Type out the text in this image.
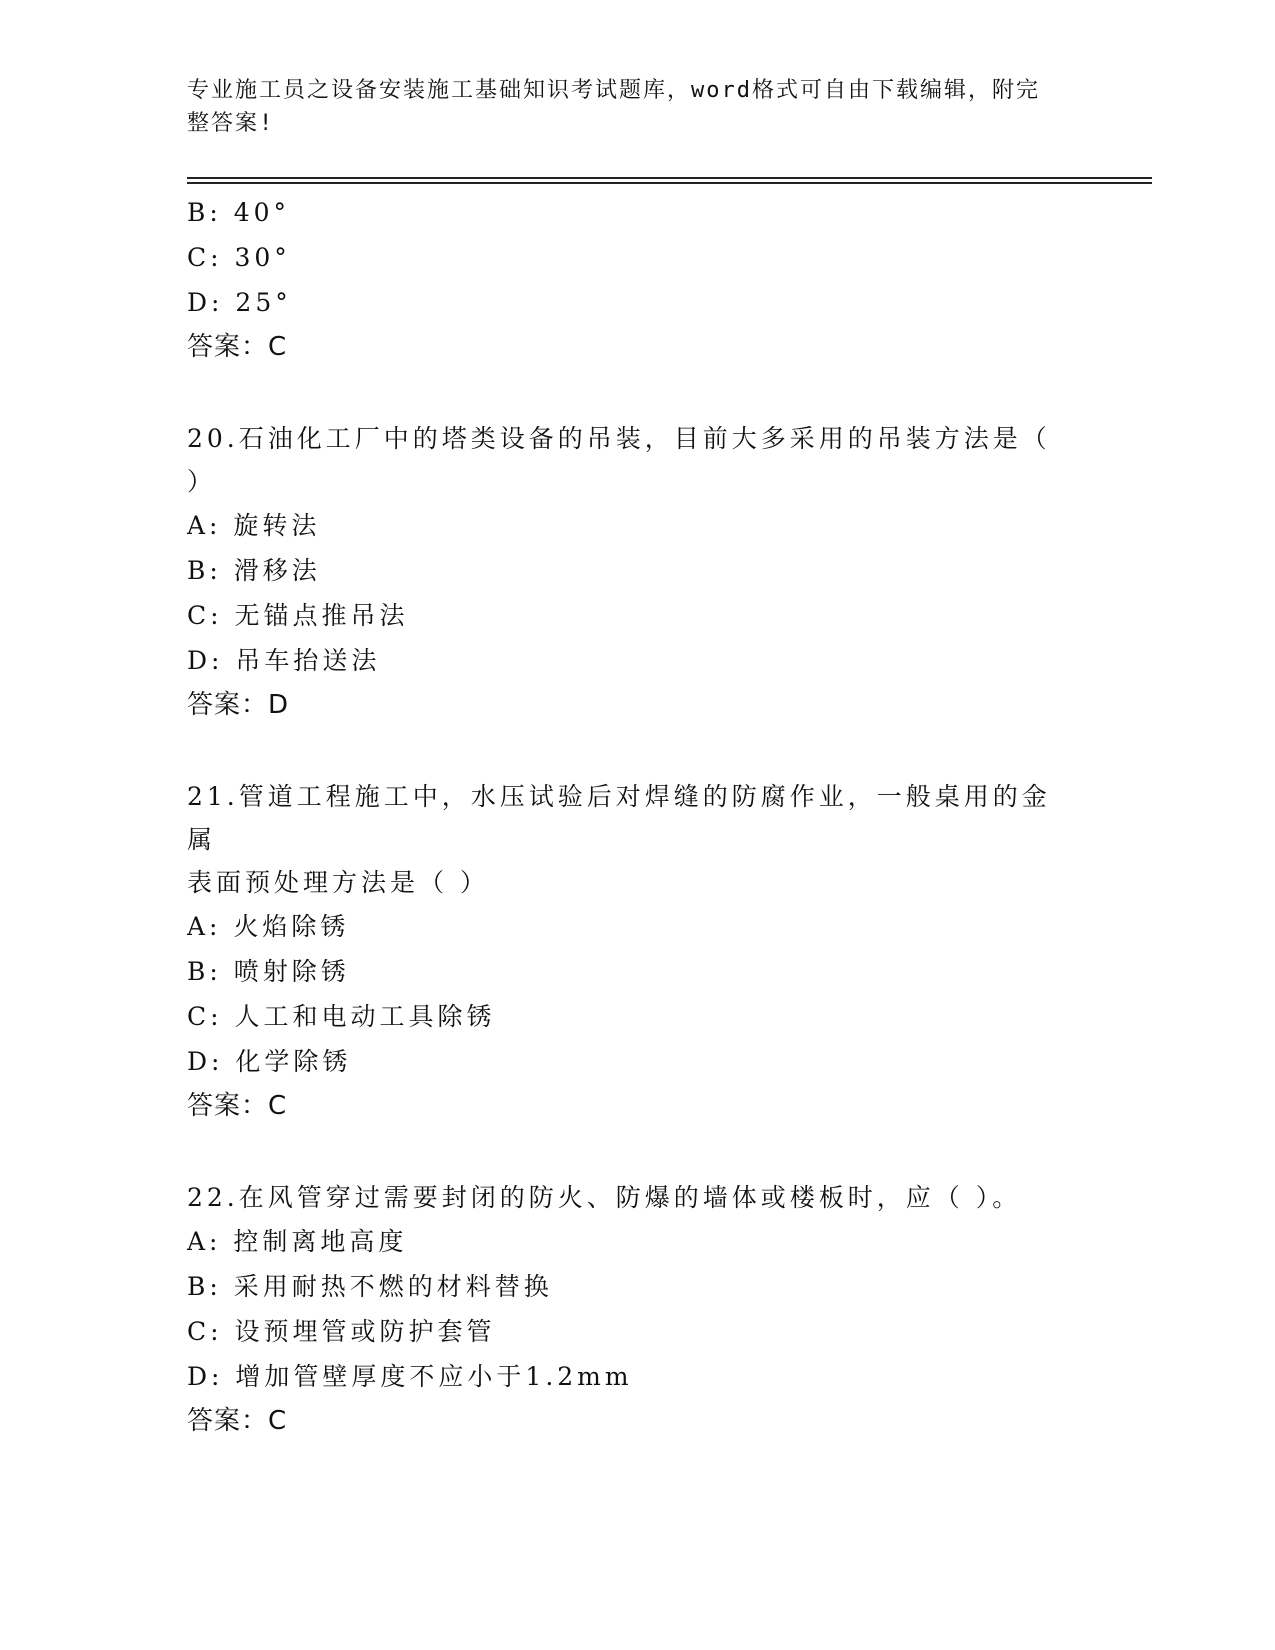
专业施工员之设备安装施工基础知识考试题库，word格式可自由下载编辑，附完
整答案!
B: 40°
C: 30°
D: 25°
答案：C
20.石油化工厂中的塔类设备的吊装，目前大多采用的吊装方法是（
）
A: 旋转法
B: 滑移法
C: 无锚点推吊法
D: 吊车抬送法
答案：D
21.管道工程施工中，水压试验后对焊缝的防腐作业，一般桌用的金属
表面预处理方法是（ ）
A: 火焰除锈
B: 喷射除锈
C: 人工和电动工具除锈
D: 化学除锈
答案：C
22.在风管穿过需要封闭的防火、防爆的墙体或楼板时，应（ ）。
A: 控制离地高度
B: 采用耐热不燃的材料替换
C: 设预埋管或防护套管
D: 增加管壁厚度不应小于1.2mm
答案：C
